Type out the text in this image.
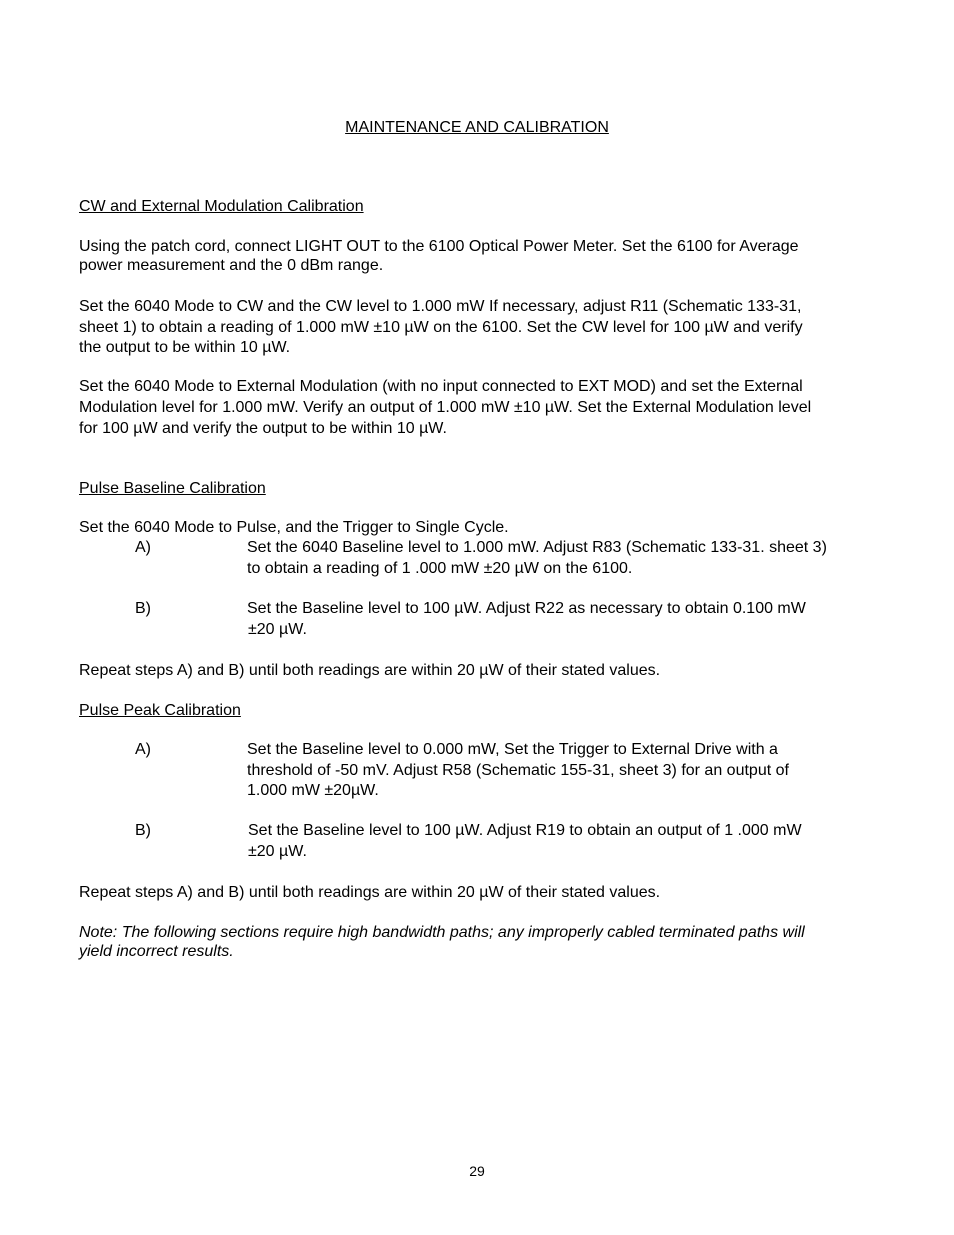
MAINTENANCE AND CALIBRATION
CW and External Modulation Calibration
Using the patch cord, connect LIGHT OUT to the 6100 Optical Power Meter. Set the 6100 for Average
power measurement and the 0 dBm range.
Set the 6040 Mode to CW and the CW level to 1.000 mW If necessary, adjust R11 (Schematic 133-31,
sheet 1) to obtain a reading of 1.000 mW ±10 µW on the 6100. Set the CW level for 100 µW and verify
the output to be within 10 µW.
Set the 6040 Mode to External Modulation (with no input connected to EXT MOD) and set the External
Modulation level for 1.000 mW. Verify an output of 1.000 mW ±10 µW. Set the External Modulation level
for 100 µW and verify the output to be within 10 µW.
Pulse Baseline Calibration
Set the 6040 Mode to Pulse, and the Trigger to Single Cycle.
A)	Set the 6040 Baseline level to 1.000 mW. Adjust R83 (Schematic 133-31. sheet 3)
to obtain a reading of 1 .000 mW ±20 µW on the 6100.
B)	Set the Baseline level to 100 µW. Adjust R22 as necessary to obtain 0.100 mW
±20 µW.
Repeat steps A) and B) until both readings are within 20 µW of their stated values.
Pulse Peak Calibration
A)	Set the Baseline level to 0.000 mW, Set the Trigger to External Drive with a
threshold of -50 mV. Adjust R58 (Schematic 155-31, sheet 3) for an output of
1.000 mW ±20µW.
B)	Set the Baseline level to 100 µW. Adjust R19 to obtain an output of 1 .000 mW
±20 µW.
Repeat steps A) and B) until both readings are within 20 µW of their stated values.
Note: The following sections require high bandwidth paths; any improperly cabled terminated paths will
yield incorrect results.
29
